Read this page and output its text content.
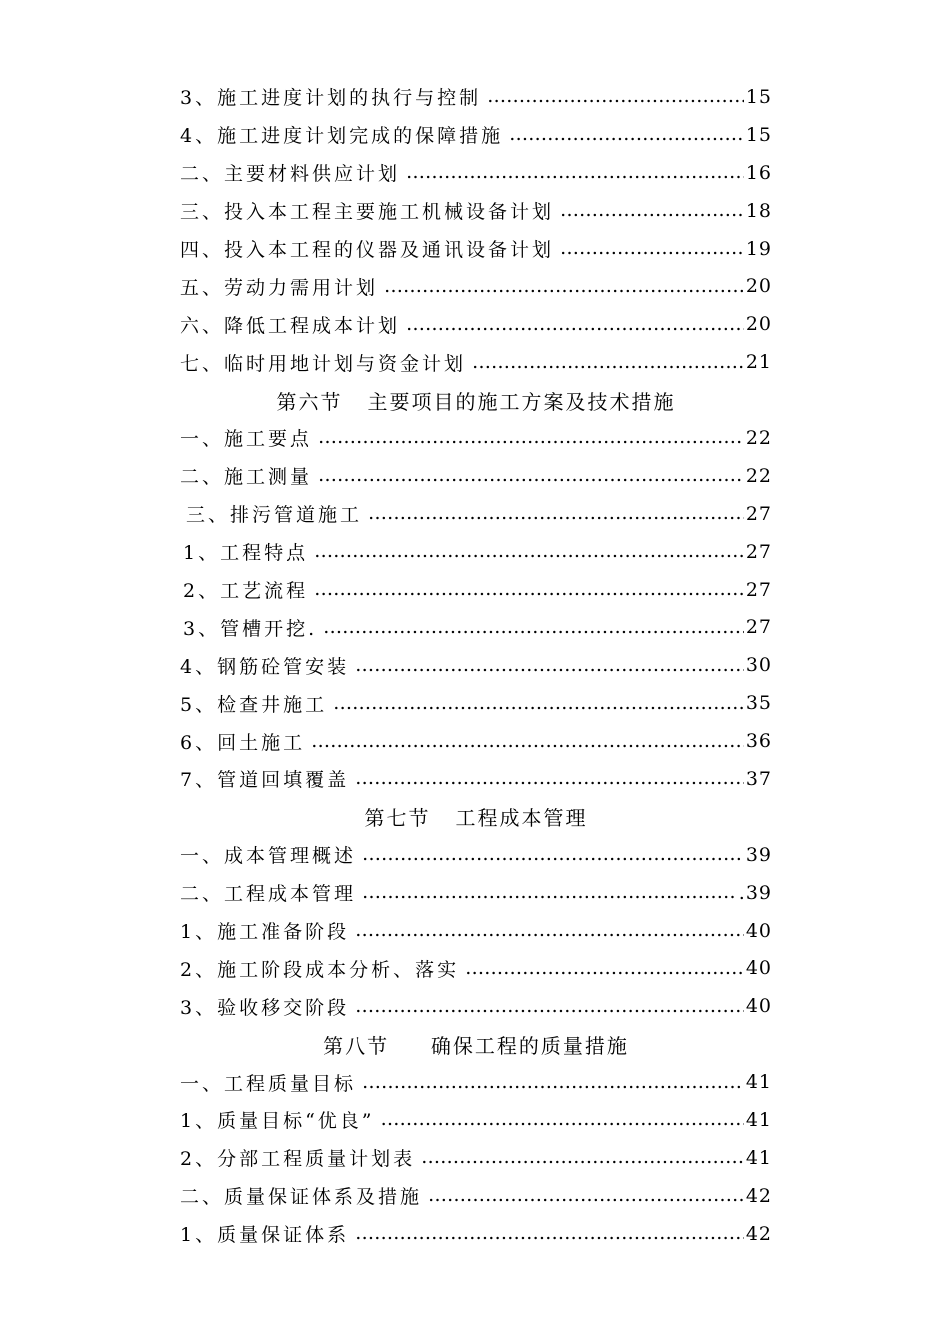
3、施工进度计划的执行与控制 …………………………………………………………………………………………………………………………………………………………………………	15
4、施工进度计划完成的保障措施 …………………………………………………………………………………………………………………………………………………………………………	15
二、主要材料供应计划 …………………………………………………………………………………………………………………………………………………………………………	16
三、投入本工程主要施工机械设备计划 …………………………………………………………………………………………………………………………………………………………………………	18
四、投入本工程的仪器及通讯设备计划 …………………………………………………………………………………………………………………………………………………………………………	19
五、劳动力需用计划 …………………………………………………………………………………………………………………………………………………………………………	20
六、降低工程成本计划 …………………………………………………………………………………………………………………………………………………………………………	20
七、临时用地计划与资金计划 …………………………………………………………………………………………………………………………………………………………………………	21
第六节   主要项目的施工方案及技术措施
一、施工要点 …………………………………………………………………………………………………………………………………………………………………………	22
二、施工测量 …………………………………………………………………………………………………………………………………………………………………………	22
三、排污管道施工 …………………………………………………………………………………………………………………………………………………………………………	27
1、工程特点 …………………………………………………………………………………………………………………………………………………………………………	27
2、工艺流程 …………………………………………………………………………………………………………………………………………………………………………	27
3、管槽开挖. …………………………………………………………………………………………………………………………………………………………………………	27
4、钢筋砼管安装 …………………………………………………………………………………………………………………………………………………………………………	30
5、检查井施工 …………………………………………………………………………………………………………………………………………………………………………	35
6、回土施工 …………………………………………………………………………………………………………………………………………………………………………	36
7、管道回填覆盖 …………………………………………………………………………………………………………………………………………………………………………	37
第七节   工程成本管理
一、成本管理概述 …………………………………………………………………………………………………………………………………………………………………………	39
二、工程成本管理 …………………………………………………………………………………………………………………………………………………………………………	.39
1、施工准备阶段 …………………………………………………………………………………………………………………………………………………………………………	40
2、施工阶段成本分析、落实 …………………………………………………………………………………………………………………………………………………………………………	40
3、验收移交阶段 …………………………………………………………………………………………………………………………………………………………………………	40
第八节     确保工程的质量措施
一、工程质量目标 …………………………………………………………………………………………………………………………………………………………………………	41
1、质量目标“优良” …………………………………………………………………………………………………………………………………………………………………………	41
2、分部工程质量计划表 …………………………………………………………………………………………………………………………………………………………………………	41
二、质量保证体系及措施 …………………………………………………………………………………………………………………………………………………………………………	42
1、质量保证体系 …………………………………………………………………………………………………………………………………………………………………………	42
